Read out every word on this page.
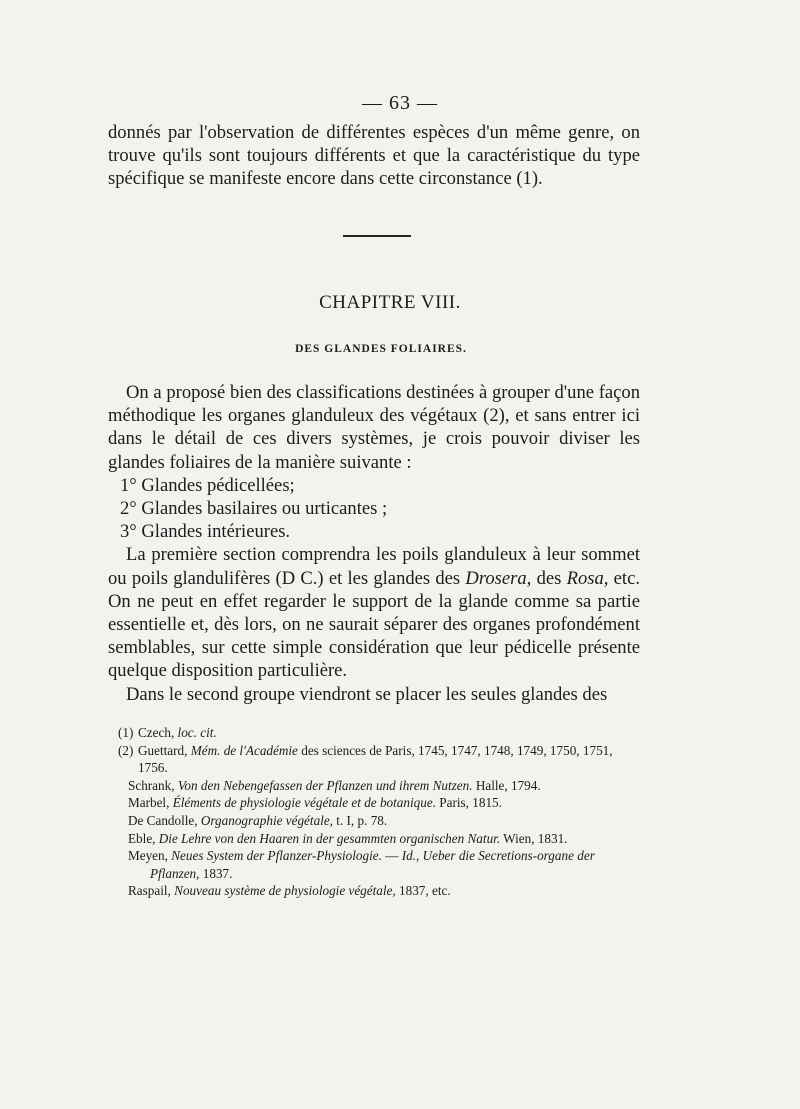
— 63 —

donnés par l'observation de différentes espèces d'un même genre, on trouve qu'ils sont toujours différents et que la caractéristique du type spécifique se manifeste encore dans cette circonstance (1).

CHAPITRE VIII.
DES GLANDES FOLIAIRES.

On a proposé bien des classifications destinées à grouper d'une façon méthodique les organes glanduleux des végétaux (2), et sans entrer ici dans le détail de ces divers systèmes, je crois pouvoir diviser les glandes foliaires de la manière suivante :

1° Glandes pédicellées;

2° Glandes basilaires ou urticantes ;

3° Glandes intérieures.

La première section comprendra les poils glanduleux à leur sommet ou poils glandulifères (D C.) et les glandes des Drosera, des Rosa, etc. On ne peut en effet regarder le support de la glande comme sa partie essentielle et, dès lors, on ne saurait séparer des organes profondément semblables, sur cette simple considération que leur pédicelle présente quelque disposition particulière.

Dans le second groupe viendront se placer les seules glandes des

(1) Czech, loc. cit.

(2) Guettard, Mém. de l'Académie des sciences de Paris, 1745, 1747, 1748, 1749, 1750, 1751, 1756.

Schrank, Von den Nebengefassen der Pflanzen und ihrem Nutzen. Halle, 1794.

Marbel, Éléments de physiologie végétale et de botanique. Paris, 1815.

De Candolle, Organographie végétale, t. I, p. 78.

Eble, Die Lehre von den Haaren in der gesammten organischen Natur. Wien, 1831.

Meyen, Neues System der Pflanzer-Physiologie. — Id., Ueber die Secretions-organe der Pflanzen, 1837.

Raspail, Nouveau système de physiologie végétale, 1837, etc.
